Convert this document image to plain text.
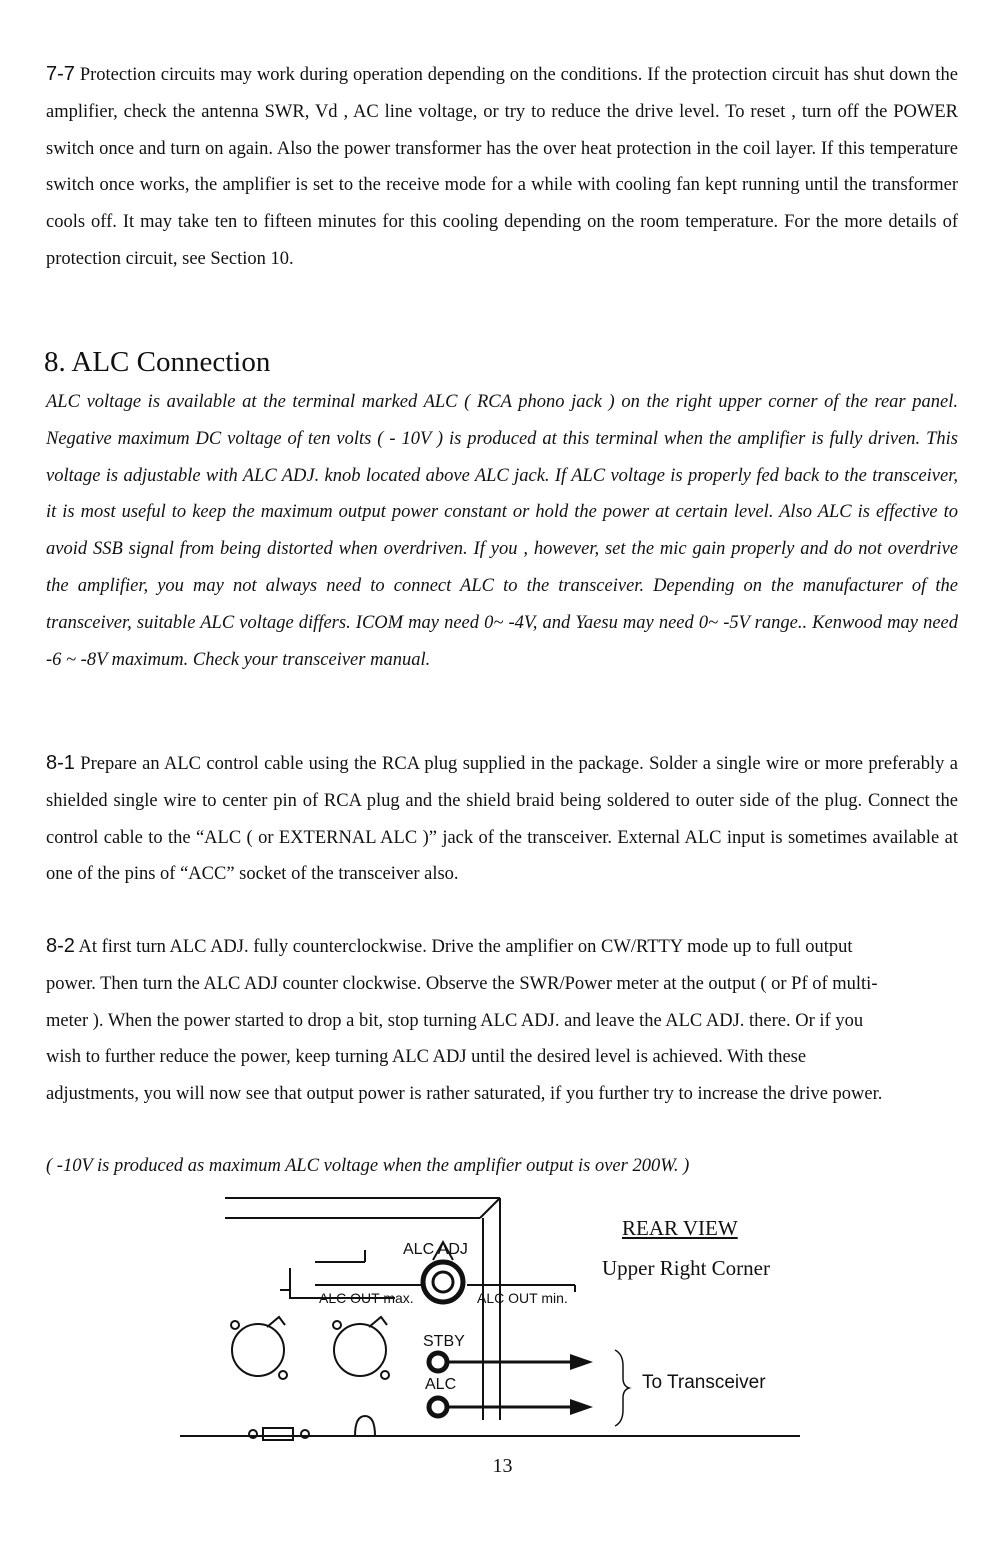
7-7 Protection circuits may work during operation depending on the conditions. If the protection circuit has shut down the amplifier, check the antenna SWR, Vd , AC line voltage, or try to reduce the drive level. To reset , turn off the POWER switch once and turn on again. Also the power transformer has the over heat protection in the coil layer. If this temperature switch once works, the amplifier is set to the receive mode for a while with cooling fan kept running until the transformer cools off. It may take ten to fifteen minutes for this cooling depending on the room temperature. For the more details of protection circuit, see Section 10.

8. ALC Connection

ALC voltage is available at the terminal marked ALC ( RCA phono jack ) on the right upper corner of the rear panel. Negative maximum DC voltage of ten volts ( - 10V ) is produced at this terminal when the amplifier is fully driven. This voltage is adjustable with ALC ADJ. knob located above ALC jack. If ALC voltage is properly fed back to the transceiver, it is most useful to keep the maximum output power constant or hold the power at certain level. Also ALC is effective to avoid SSB signal from being distorted when overdriven. If you , however, set the mic gain properly and do not overdrive the amplifier, you may not always need to connect ALC to the transceiver. Depending on the manufacturer of the transceiver, suitable ALC voltage differs. ICOM may need 0~ -4V, and Yaesu may need 0~ -5V range.. Kenwood may need -6 ~ -8V maximum. Check your transceiver manual.

8-1 Prepare an ALC control cable using the RCA plug supplied in the package. Solder a single wire or more preferably a shielded single wire to center pin of RCA plug and the shield braid being soldered to outer side of the plug. Connect the control cable to the “ALC ( or EXTERNAL ALC )” jack of the transceiver. External ALC input is sometimes available at one of the pins of “ACC” socket of the transceiver also.

8-2 At first turn ALC ADJ. fully counterclockwise. Drive the amplifier on CW/RTTY mode up to full output power. Then turn the ALC ADJ counter clockwise. Observe the SWR/Power meter at the output ( or Pf of multi-meter ). When the power started to drop a bit, stop turning ALC ADJ. and leave the ALC ADJ. there. Or if you wish to further reduce the power, keep turning ALC ADJ until the desired level is achieved. With these adjustments, you will now see that output power is rather saturated, if you further try to increase the drive power.

( -10V is produced as maximum ALC voltage when the amplifier output is over 200W. )

ALC ADJ
ALC OUT max.	ALC OUT min.
STBY
ALC	To Transceiver
REAR VIEW
Upper Right Corner
13
